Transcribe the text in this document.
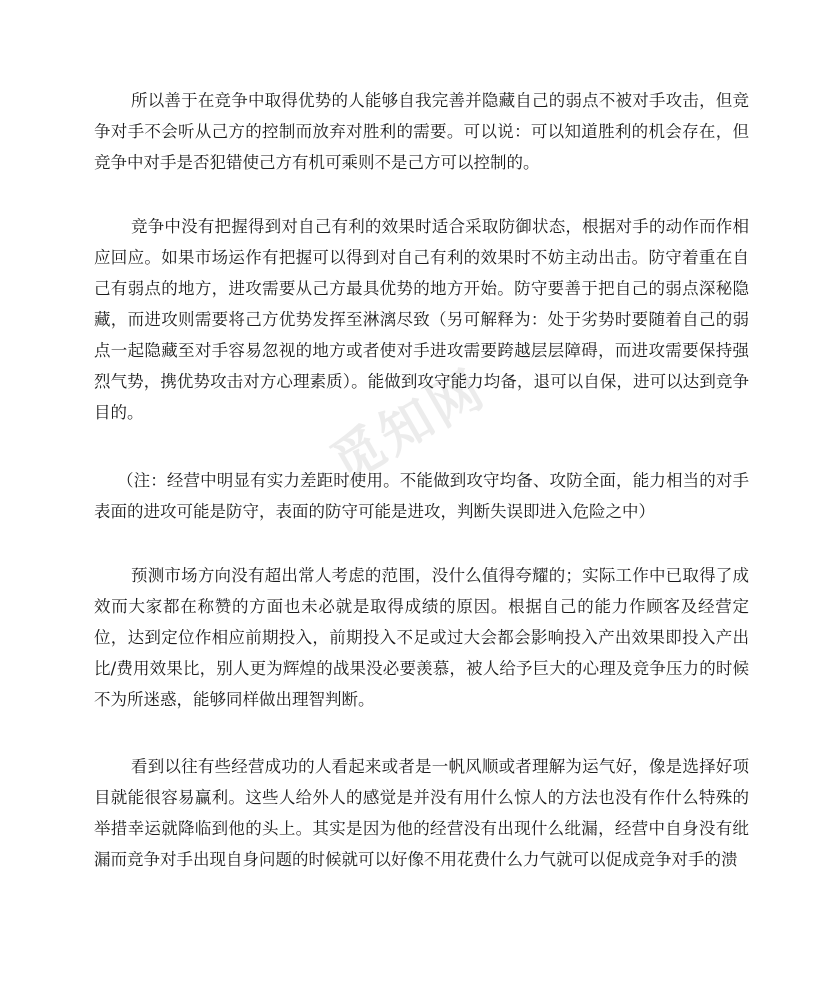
觅知网

所以善于在竞争中取得优势的人能够自我完善并隐藏自己的弱点不被对手攻击，但竞争对手不会听从己方的控制而放弃对胜利的需要。可以说：可以知道胜利的机会存在，但竞争中对手是否犯错使己方有机可乘则不是己方可以控制的。

竞争中没有把握得到对自己有利的效果时适合采取防御状态，根据对手的动作而作相应回应。如果市场运作有把握可以得到对自己有利的效果时不妨主动出击。防守着重在自己有弱点的地方，进攻需要从己方最具优势的地方开始。防守要善于把自己的弱点深秘隐藏，而进攻则需要将己方优势发挥至淋漓尽致（另可解释为：处于劣势时要随着自己的弱点一起隐藏至对手容易忽视的地方或者使对手进攻需要跨越层层障碍，而进攻需要保持强烈气势，携优势攻击对方心理素质）。能做到攻守能力均备，退可以自保，进可以达到竞争目的。

（注：经营中明显有实力差距时使用。不能做到攻守均备、攻防全面，能力相当的对手表面的进攻可能是防守，表面的防守可能是进攻，判断失误即进入危险之中）

预测市场方向没有超出常人考虑的范围，没什么值得夸耀的；实际工作中已取得了成效而大家都在称赞的方面也未必就是取得成绩的原因。根据自己的能力作顾客及经营定位，达到定位作相应前期投入，前期投入不足或过大会都会影响投入产出效果即投入产出比/费用效果比，别人更为辉煌的战果没必要羡慕，被人给予巨大的心理及竞争压力的时候不为所迷惑，能够同样做出理智判断。

看到以往有些经营成功的人看起来或者是一帆风顺或者理解为运气好，像是选择好项目就能很容易赢利。这些人给外人的感觉是并没有用什么惊人的方法也没有作什么特殊的举措幸运就降临到他的头上。其实是因为他的经营没有出现什么纰漏，经营中自身没有纰漏而竞争对手出现自身问题的时候就可以好像不用花费什么力气就可以促成竞争对手的溃
